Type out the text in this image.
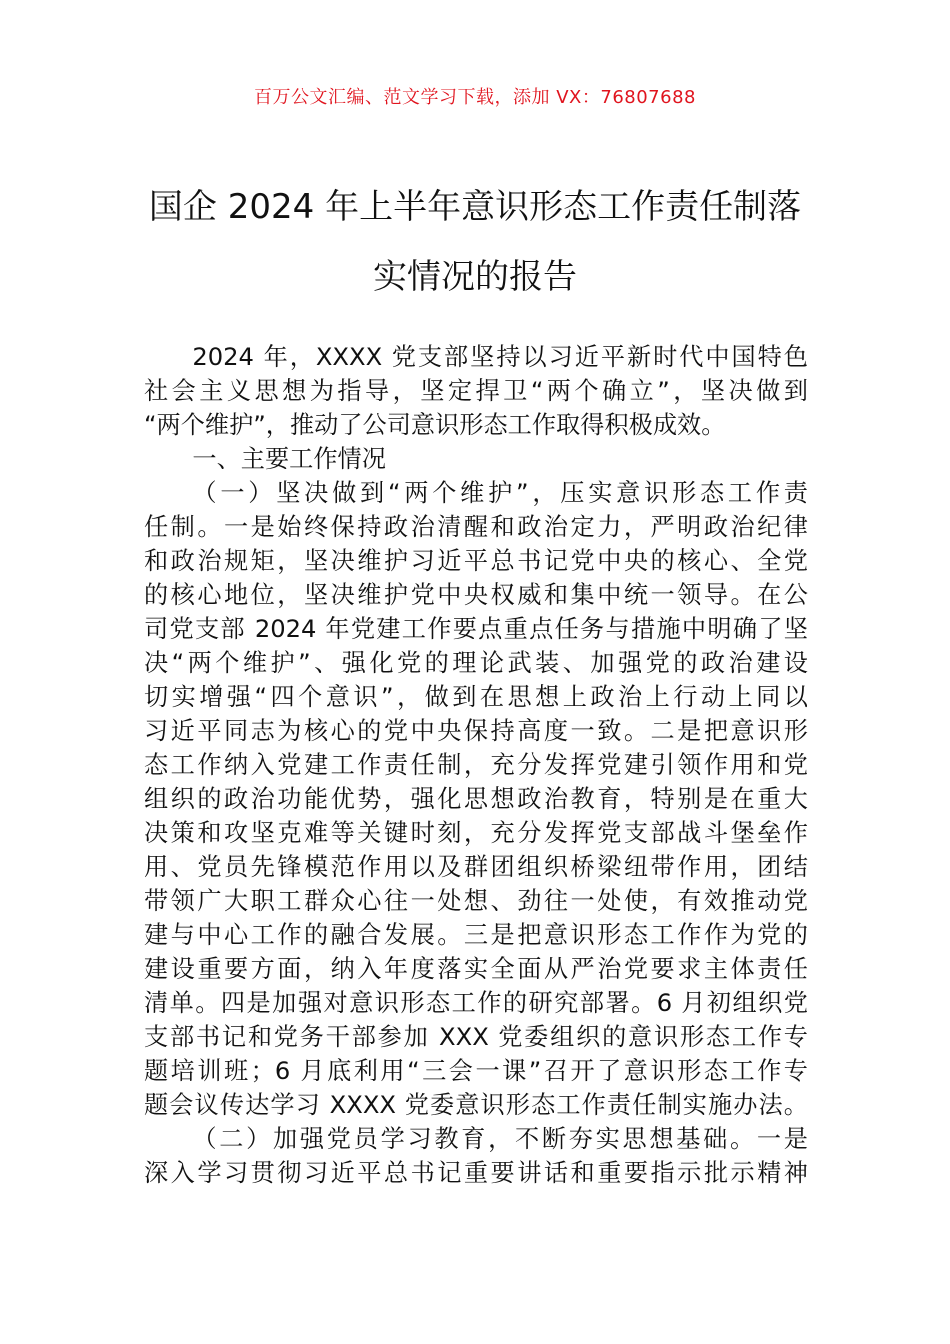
百万公文汇编、范文学习下载，添加 VX：76807688
国企 2024 年上半年意识形态工作责任制落
实情况的报告
2024 年，XXXX 党支部坚持以习近平新时代中国特色
社会主义思想为指导，坚定捍卫“两个确立”，坚决做到
“两个维护”，推动了公司意识形态工作取得积极成效。
一、主要工作情况
（一）坚决做到“两个维护”，压实意识形态工作责
任制。一是始终保持政治清醒和政治定力，严明政治纪律
和政治规矩，坚决维护习近平总书记党中央的核心、全党
的核心地位，坚决维护党中央权威和集中统一领导。在公
司党支部 2024 年党建工作要点重点任务与措施中明确了坚
决“两个维护”、强化党的理论武装、加强党的政治建设
切实增强“四个意识”，做到在思想上政治上行动上同以
习近平同志为核心的党中央保持高度一致。二是把意识形
态工作纳入党建工作责任制，充分发挥党建引领作用和党
组织的政治功能优势，强化思想政治教育，特别是在重大
决策和攻坚克难等关键时刻，充分发挥党支部战斗堡垒作
用、党员先锋模范作用以及群团组织桥梁纽带作用，团结
带领广大职工群众心往一处想、劲往一处使，有效推动党
建与中心工作的融合发展。三是把意识形态工作作为党的
建设重要方面，纳入年度落实全面从严治党要求主体责任
清单。四是加强对意识形态工作的研究部署。6 月初组织党
支部书记和党务干部参加 XXX 党委组织的意识形态工作专
题培训班；6 月底利用“三会一课”召开了意识形态工作专
题会议传达学习 XXXX 党委意识形态工作责任制实施办法。
（二）加强党员学习教育，不断夯实思想基础。一是
深入学习贯彻习近平总书记重要讲话和重要指示批示精神
